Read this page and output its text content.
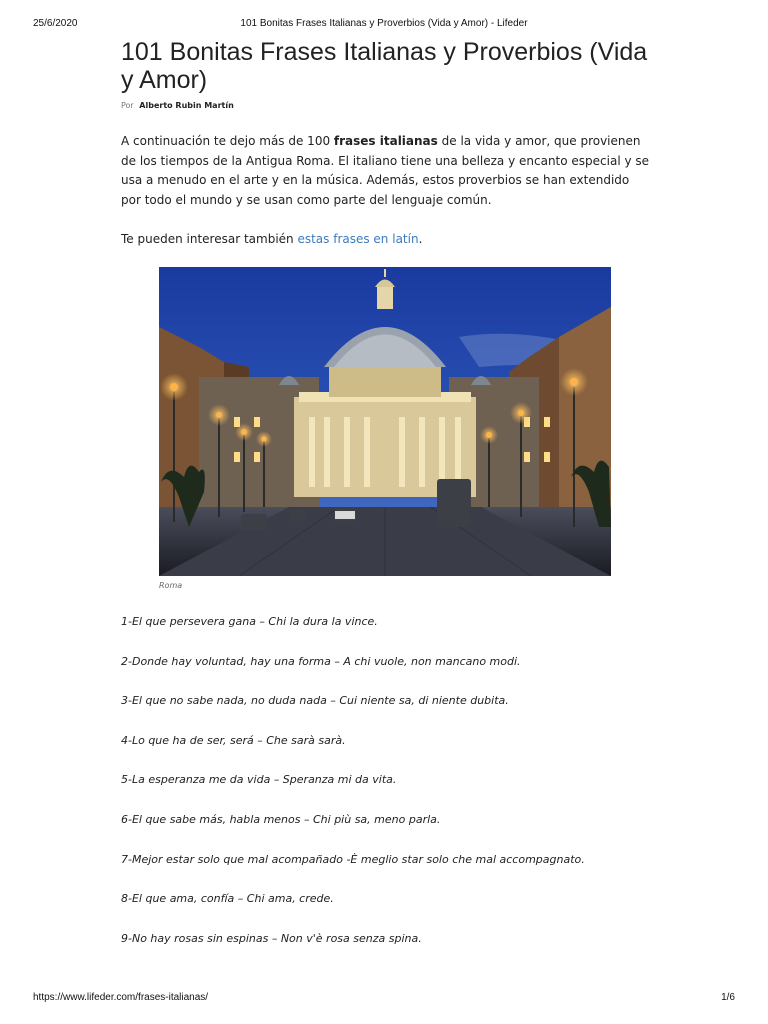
25/6/2020	101 Bonitas Frases Italianas y Proverbios (Vida y Amor) - Lifeder
101 Bonitas Frases Italianas y Proverbios (Vida y Amor)
Por Alberto Rubin Martín

A continuación te dejo más de 100 frases italianas de la vida y amor, que provienen de los tiempos de la Antigua Roma. El italiano tiene una belleza y encanto especial y se usa a menudo en el arte y en la música. Además, estos proverbios se han extendido por todo el mundo y se usan como parte del lenguaje común.

Te pueden interesar también estas frases en latín.

Roma
1-El que persevera gana – Chi la dura la vince.
2-Donde hay voluntad, hay una forma – A chi vuole, non mancano modi.
3-El que no sabe nada, no duda nada – Cui niente sa, di niente dubita.
4-Lo que ha de ser, será – Che sarà sarà.
5-La esperanza me da vida – Speranza mi da vita.
6-El que sabe más, habla menos – Chi più sa, meno parla.
7-Mejor estar solo que mal acompañado -È meglio star solo che mal accompagnato.
8-El que ama, confía – Chi ama, crede.
9-No hay rosas sin espinas – Non v'è rosa senza spina.
https://www.lifeder.com/frases-italianas/	1/6
